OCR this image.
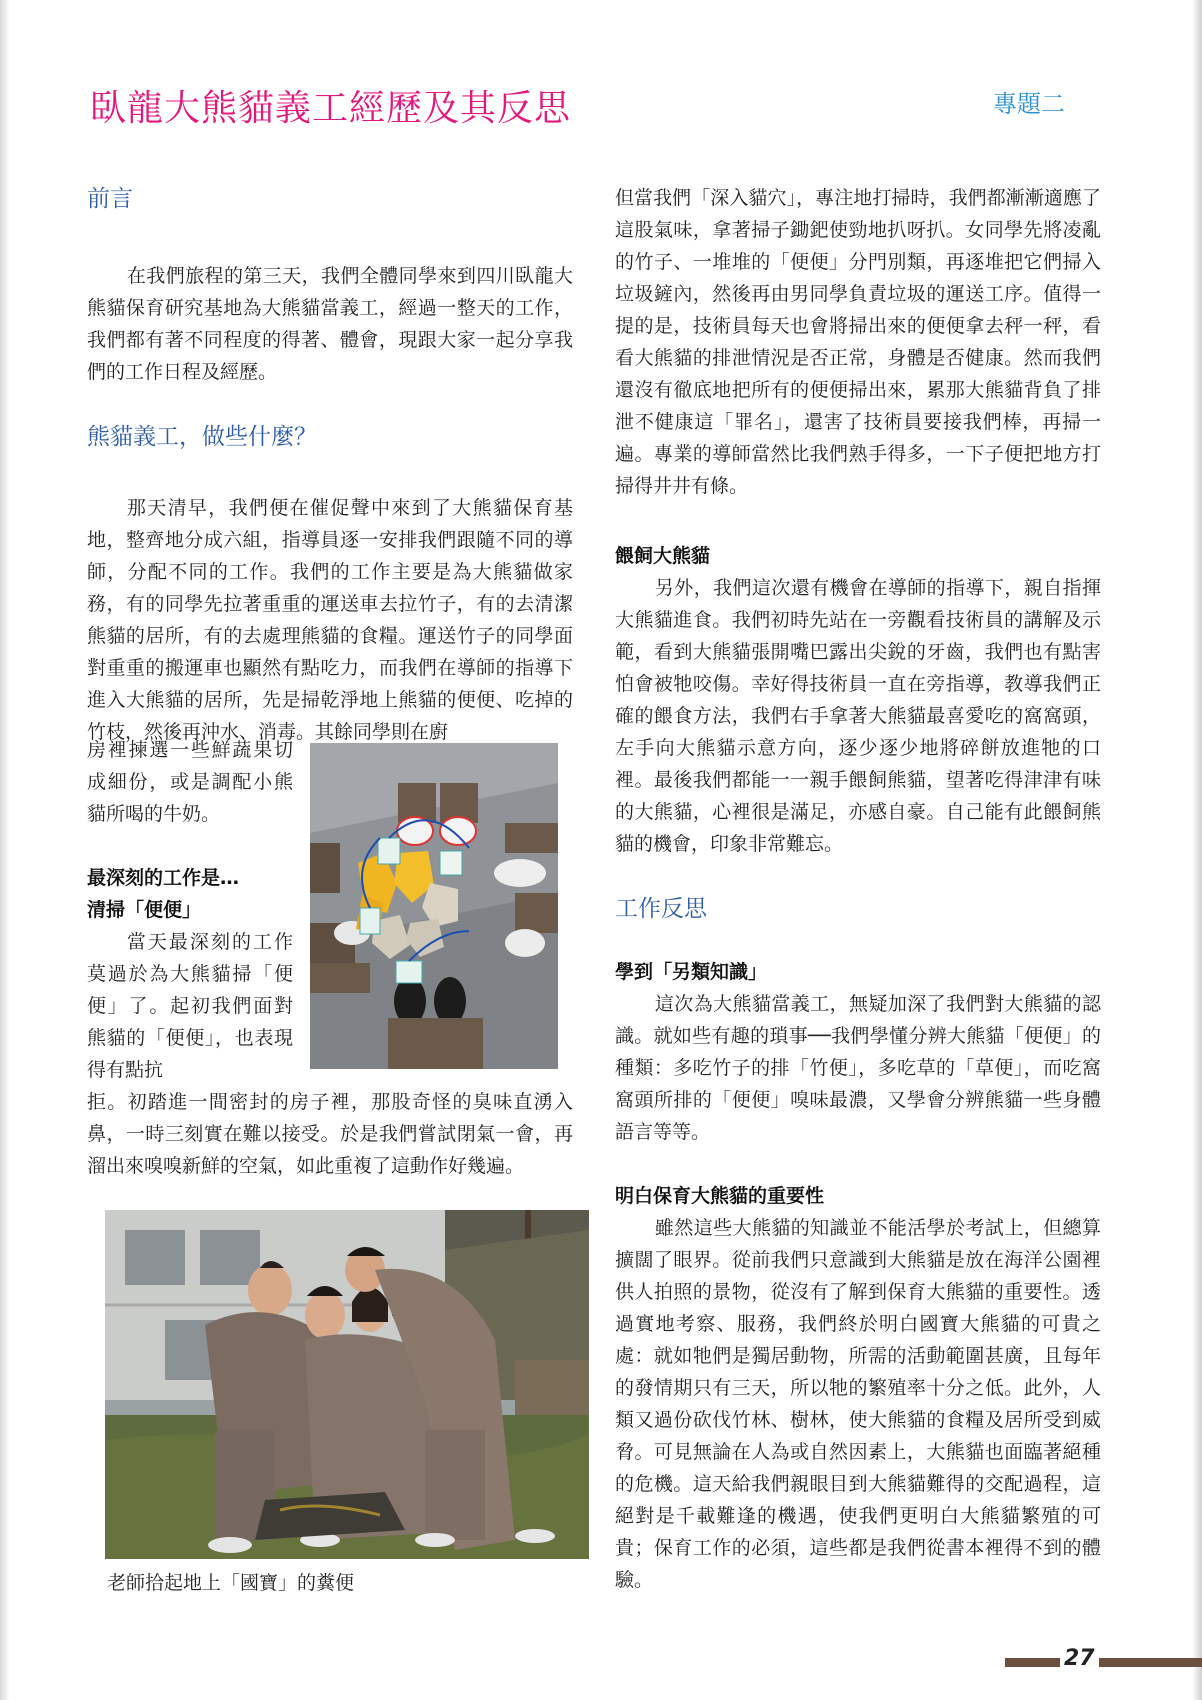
臥龍大熊貓義工經歷及其反思	專題二
前言

在我們旅程的第三天，我們全體同學來到四川臥龍大熊貓保育研究基地為大熊貓當義工，經過一整天的工作，我們都有著不同程度的得著、體會，現跟大家一起分享我們的工作日程及經歷。

熊貓義工，做些什麼？

那天清早，我們便在催促聲中來到了大熊貓保育基地，整齊地分成六組，指導員逐一安排我們跟隨不同的導師，分配不同的工作。我們的工作主要是為大熊貓做家務，有的同學先拉著重重的運送車去拉竹子，有的去清潔熊貓的居所，有的去處理熊貓的食糧。運送竹子的同學面對重重的搬運車也顯然有點吃力，而我們在導師的指導下進入大熊貓的居所，先是掃乾淨地上熊貓的便便、吃掉的竹枝，然後再沖水、消毒。其餘同學則在廚

房裡揀選一些鮮蔬果切成細份，或是調配小熊貓所喝的牛奶。

最深刻的工作是…

清掃「便便」

當天最深刻的工作莫過於為大熊貓掃「便便」了。起初我們面對熊貓的「便便」，也表現得有點抗

拒。初踏進一間密封的房子裡，那股奇怪的臭味直湧入鼻，一時三刻實在難以接受。於是我們嘗試閉氣一會，再溜出來嗅嗅新鮮的空氣，如此重複了這動作好幾遍。

老師拾起地上「國寶」的糞便

但當我們「深入貓穴」，專注地打掃時，我們都漸漸適應了這股氣味，拿著掃子鋤鈀使勁地扒呀扒。女同學先將凌亂的竹子、一堆堆的「便便」分門別類，再逐堆把它們掃入垃圾鏟內，然後再由男同學負責垃圾的運送工序。值得一提的是，技術員每天也會將掃出來的便便拿去秤一秤，看看大熊貓的排泄情況是否正常，身體是否健康。然而我們還沒有徹底地把所有的便便掃出來，累那大熊貓背負了排泄不健康這「罪名」，還害了技術員要接我們棒，再掃一遍。專業的導師當然比我們熟手得多，一下子便把地方打掃得井井有條。

餵飼大熊貓

另外，我們這次還有機會在導師的指導下，親自指揮大熊貓進食。我們初時先站在一旁觀看技術員的講解及示範，看到大熊貓張開嘴巴露出尖銳的牙齒，我們也有點害怕會被牠咬傷。幸好得技術員一直在旁指導，教導我們正確的餵食方法，我們右手拿著大熊貓最喜愛吃的窩窩頭，左手向大熊貓示意方向，逐少逐少地將碎餅放進牠的口裡。最後我們都能一一親手餵飼熊貓，望著吃得津津有味的大熊貓，心裡很是滿足，亦感自豪。自己能有此餵飼熊貓的機會，印象非常難忘。

工作反思

學到「另類知識」

這次為大熊貓當義工，無疑加深了我們對大熊貓的認識。就如些有趣的瑣事──我們學懂分辨大熊貓「便便」的種類：多吃竹子的排「竹便」，多吃草的「草便」，而吃窩窩頭所排的「便便」嗅味最濃，又學會分辨熊貓一些身體語言等等。

明白保育大熊貓的重要性

雖然這些大熊貓的知識並不能活學於考試上，但總算擴闊了眼界。從前我們只意識到大熊貓是放在海洋公園裡供人拍照的景物，從沒有了解到保育大熊貓的重要性。透過實地考察、服務，我們終於明白國寶大熊貓的可貴之處：就如牠們是獨居動物，所需的活動範圍甚廣，且每年的發情期只有三天，所以牠的繁殖率十分之低。此外，人類又過份砍伐竹林、樹林，使大熊貓的食糧及居所受到威脅。可見無論在人為或自然因素上，大熊貓也面臨著絕種的危機。這天給我們親眼目到大熊貓難得的交配過程，這絕對是千載難逢的機遇，使我們更明白大熊貓繁殖的可貴；保育工作的必須，這些都是我們從書本裡得不到的體驗。

27
